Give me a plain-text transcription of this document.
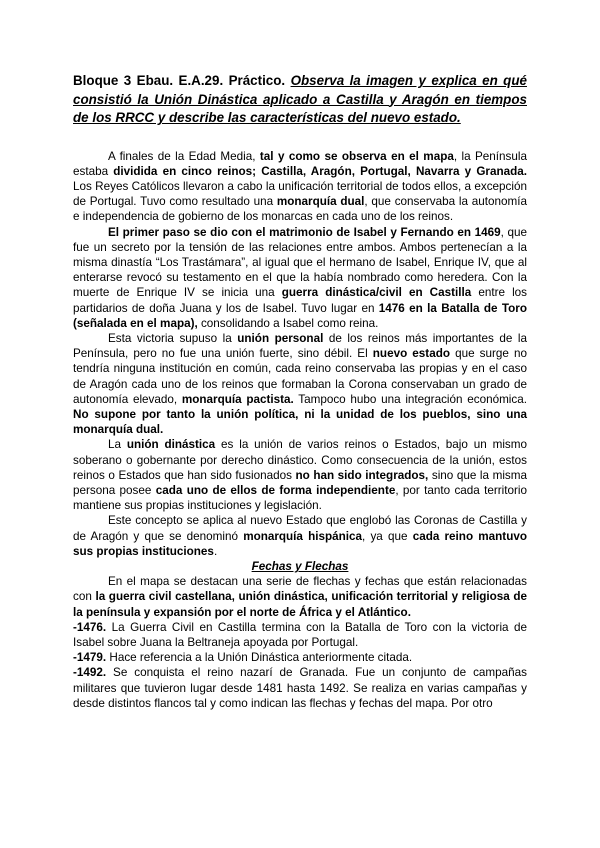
Bloque 3 Ebau. E.A.29. Práctico. Observa la imagen y explica en qué consistió la Unión Dinástica aplicado a Castilla y Aragón en tiempos de los RRCC y describe las características del nuevo estado.

A finales de la Edad Media, tal y como se observa en el mapa, la Península estaba dividida en cinco reinos; Castilla, Aragón, Portugal, Navarra y Granada. Los Reyes Católicos llevaron a cabo la unificación territorial de todos ellos, a excepción de Portugal. Tuvo como resultado una monarquía dual, que conservaba la autonomía e independencia de gobierno de los monarcas en cada uno de los reinos.

El primer paso se dio con el matrimonio de Isabel y Fernando en 1469, que fue un secreto por la tensión de las relaciones entre ambos. Ambos pertenecían a la misma dinastía “Los Trastámara”, al igual que el hermano de Isabel, Enrique IV, que al enterarse revocó su testamento en el que la había nombrado como heredera. Con la muerte de Enrique IV se inicia una guerra dinástica/civil en Castilla entre los partidarios de doña Juana y los de Isabel. Tuvo lugar en 1476 en la Batalla de Toro (señalada en el mapa), consolidando a Isabel como reina.

Esta victoria supuso la unión personal de los reinos más importantes de la Península, pero no fue una unión fuerte, sino débil. El nuevo estado que surge no tendría ninguna institución en común, cada reino conservaba las propias y en el caso de Aragón cada uno de los reinos que formaban la Corona conservaban un grado de autonomía elevado, monarquía pactista. Tampoco hubo una integración económica. No supone por tanto la unión política, ni la unidad de los pueblos, sino una monarquía dual.

La unión dinástica es la unión de varios reinos o Estados, bajo un mismo soberano o gobernante por derecho dinástico. Como consecuencia de la unión, estos reinos o Estados que han sido fusionados no han sido integrados, sino que la misma persona posee cada uno de ellos de forma independiente, por tanto cada territorio mantiene sus propias instituciones y legislación.

Este concepto se aplica al nuevo Estado que englobó las Coronas de Castilla y de Aragón y que se denominó monarquía hispánica, ya que cada reino mantuvo sus propias instituciones.

Fechas y Flechas

En el mapa se destacan una serie de flechas y fechas que están relacionadas con la guerra civil castellana, unión dinástica, unificación territorial y religiosa de la península y expansión por el norte de África y el Atlántico.

-1476. La Guerra Civil en Castilla termina con la Batalla de Toro con la victoria de Isabel sobre Juana la Beltraneja apoyada por Portugal.

-1479. Hace referencia a la Unión Dinástica anteriormente citada.

-1492. Se conquista el reino nazarí de Granada. Fue un conjunto de campañas militares que tuvieron lugar desde 1481 hasta 1492. Se realiza en varias campañas y desde distintos flancos tal y como indican las flechas y fechas del mapa. Por otro
